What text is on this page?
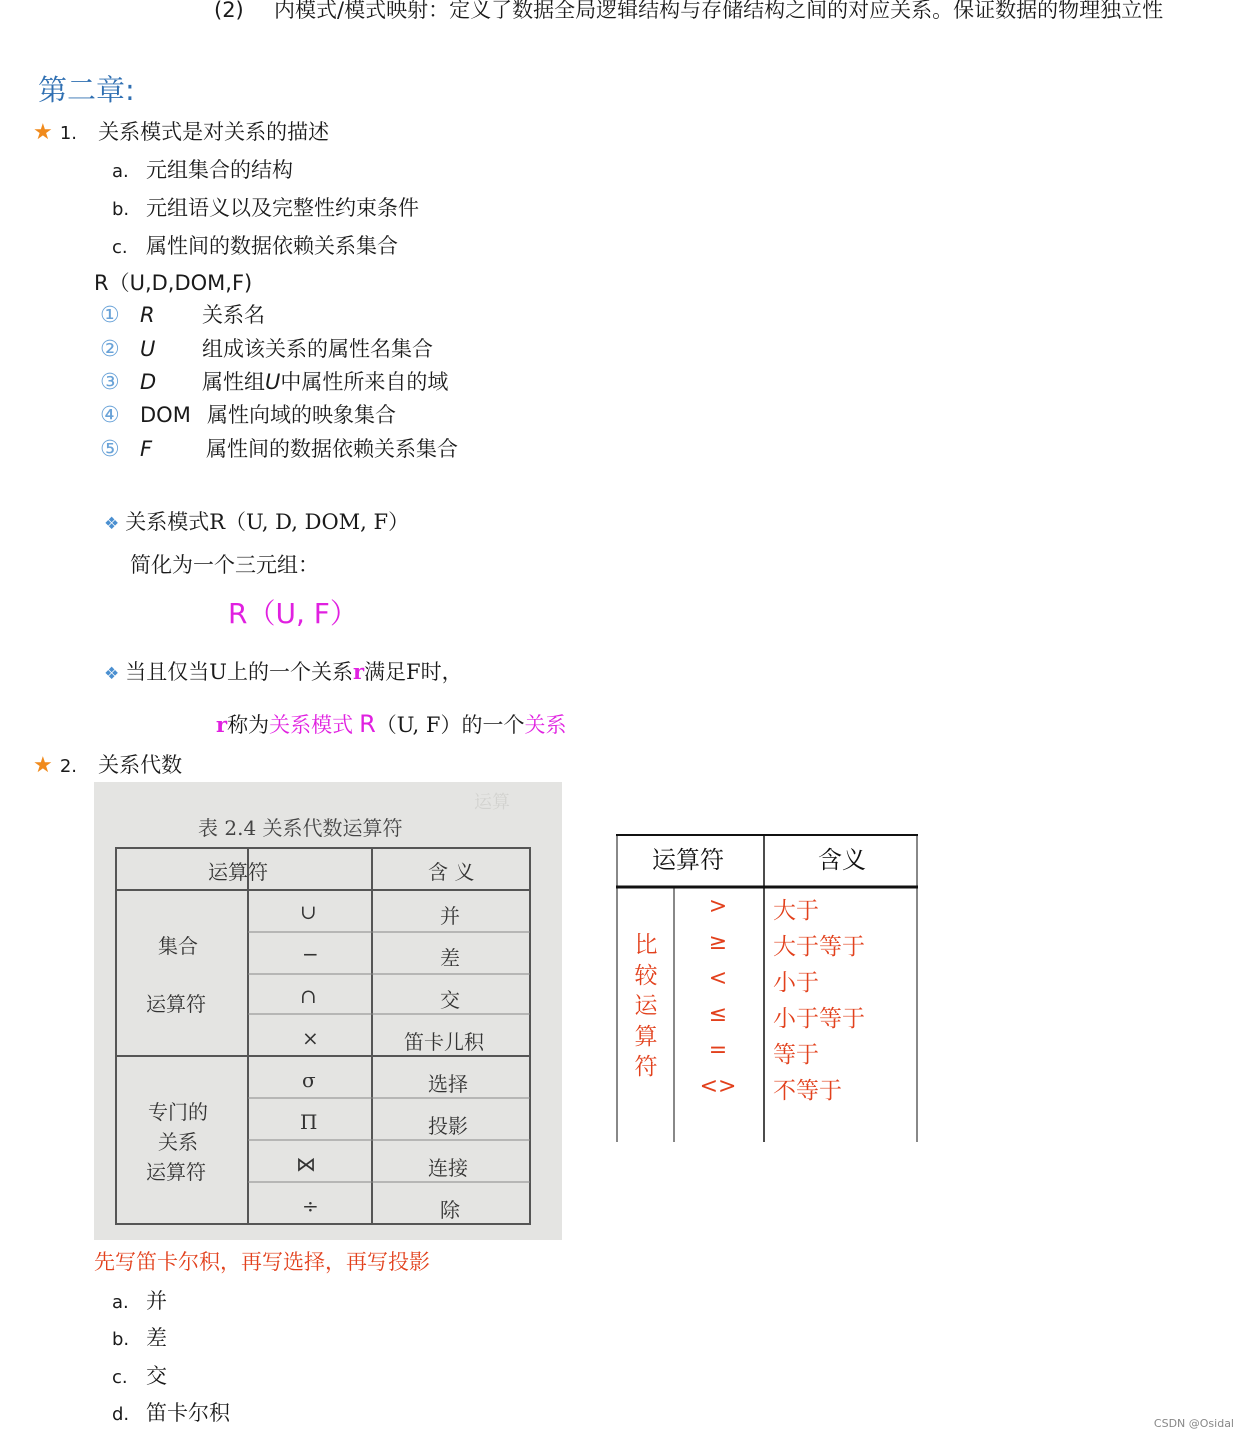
(2) 内模式/模式映射：定义了数据全局逻辑结构与存储结构之间的对应关系。保证数据的物理独立性
第二章:
★ 1. 关系模式是对关系的描述
a. 元组集合的结构
b. 元组语义以及完整性约束条件
c. 属性间的数据依赖关系集合
R（U,D,DOM,F)
① R 关系名
② U 组成该关系的属性名集合
③ D 属性组U中属性所来自的域
④ DOM 属性向域的映象集合
⑤ F	属性间的数据依赖关系集合
❖ 关系模式R（U, D, DOM, F）
简化为一个三元组：
R（U, F）
❖ 当且仅当U上的一个关系r满足F时，
r称为关系模式 R（U, F）的一个关系
★ 2. 关系代数
运算
表 2.4 关系代数运算符
运算符	含 义
集合
运算符
专门的
关系
运算符
∪	并
−	差
∩	交
×	笛卡儿积
σ	选择
Π	投影
⋈	连接
÷	除
运算符	含义
比
较
运
算
符
>	大于
≥	大于等于
<	小于
≤	小于等于
=	等于
<> 不等于
先写笛卡尔积，再写选择，再写投影
a. 并
b. 差
c. 交
d. 笛卡尔积	CSDN @Osidal
